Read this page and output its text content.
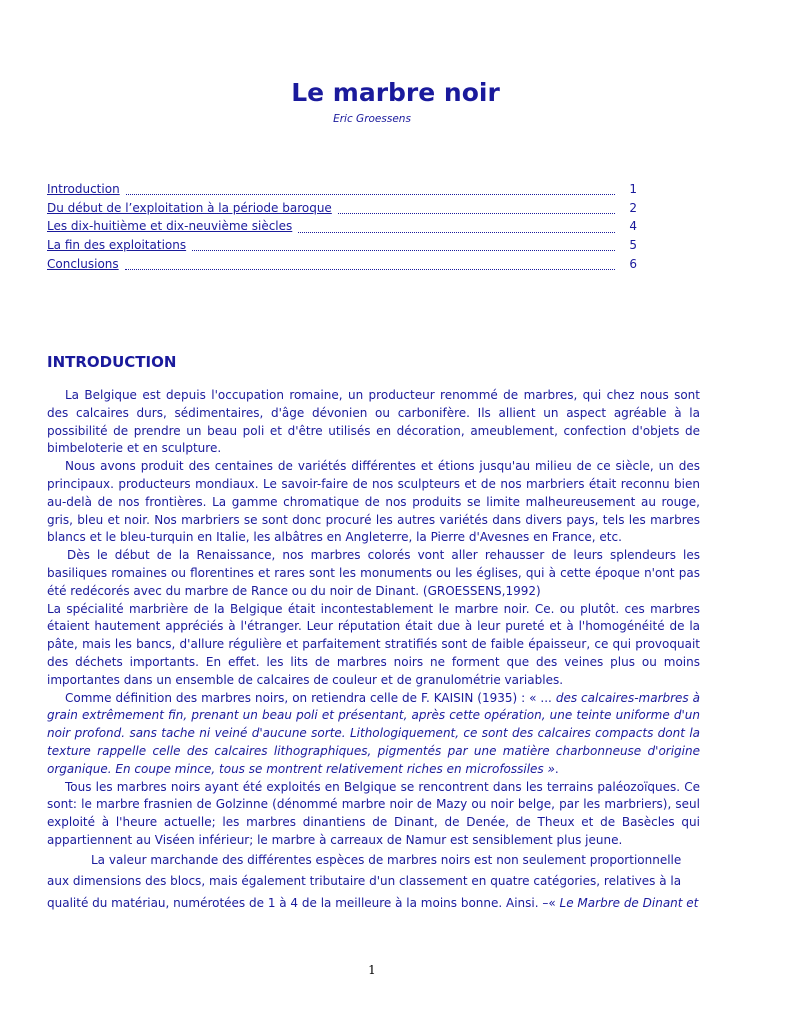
Le marbre noir
Eric Groessens
Introduction	1
Du début de l’exploitation à la période baroque	2
Les dix-huitième et dix-neuvième siècles	4
La fin des exploitations	5
Conclusions	6
INTRODUCTION

La Belgique est depuis l'occupation romaine, un producteur renommé de marbres, qui chez nous sont des calcaires durs, sédimentaires, d'âge dévonien ou carbonifère. Ils allient un aspect agréable à la possibilité de prendre un beau poli et d'être utilisés en décoration, ameublement, confection d'objets de bimbeloterie et en sculpture.

Nous avons produit des centaines de variétés différentes et étions jusqu'au milieu de ce siècle, un des principaux. producteurs mondiaux. Le savoir-faire de nos sculpteurs et de nos marbriers était reconnu bien au-delà de nos frontières. La gamme chromatique de nos produits se limite malheureusement au rouge, gris, bleu et noir. Nos marbriers se sont donc procuré les autres variétés dans divers pays, tels les marbres blancs et le bleu-turquin en Italie, les albâtres en Angleterre, la Pierre d'Avesnes en France, etc.

Dès le début de la Renaissance, nos marbres colorés vont aller rehausser de leurs splendeurs les basiliques romaines ou florentines et rares sont les monuments ou les églises, qui à cette époque n'ont pas été redécorés avec du marbre de Rance ou du noir de Dinant. (GROESSENS,1992)

La spécialité marbrière de la Belgique était incontestablement le marbre noir. Ce. ou plutôt. ces marbres étaient hautement appréciés à l'étranger. Leur réputation était due à leur pureté et à l'homogénéité de la pâte, mais les bancs, d'allure régulière et parfaitement stratifiés sont de faible épaisseur, ce qui provoquait des déchets importants. En effet. les lits de marbres noirs ne forment que des veines plus ou moins importantes dans un ensemble de calcaires de couleur et de granulométrie variables.

Comme définition des marbres noirs, on retiendra celle de F. KAISIN (1935) : « ... des calcaires-marbres à grain extrêmement fin, prenant un beau poli et présentant, après cette opération, une teinte uniforme d'un noir profond. sans tache ni veiné d'aucune sorte. Lithologiquement, ce sont des calcaires compacts dont la texture rappelle celle des calcaires lithographiques, pigmentés par une matière charbonneuse d'origine organique. En coupe mince, tous se montrent relativement riches en microfossiles ».

Tous les marbres noirs ayant été exploités en Belgique se rencontrent dans les terrains paléozoïques. Ce sont: le marbre frasnien de Golzinne (dénommé marbre noir de Mazy ou noir belge, par les marbriers), seul exploité à l'heure actuelle; les marbres dinantiens de Dinant, de Denée, de Theux et de Basècles qui appartiennent au Viséen inférieur; le marbre à carreaux de Namur est sensiblement plus jeune.

La valeur marchande des différentes espèces de marbres noirs est non seulement proportionnelle aux dimensions des blocs, mais également tributaire d'un classement en quatre catégories, relatives à la qualité du matériau, numérotées de 1 à 4 de la meilleure à la moins bonne. Ainsi. –« Le Marbre de Dinant et

1
